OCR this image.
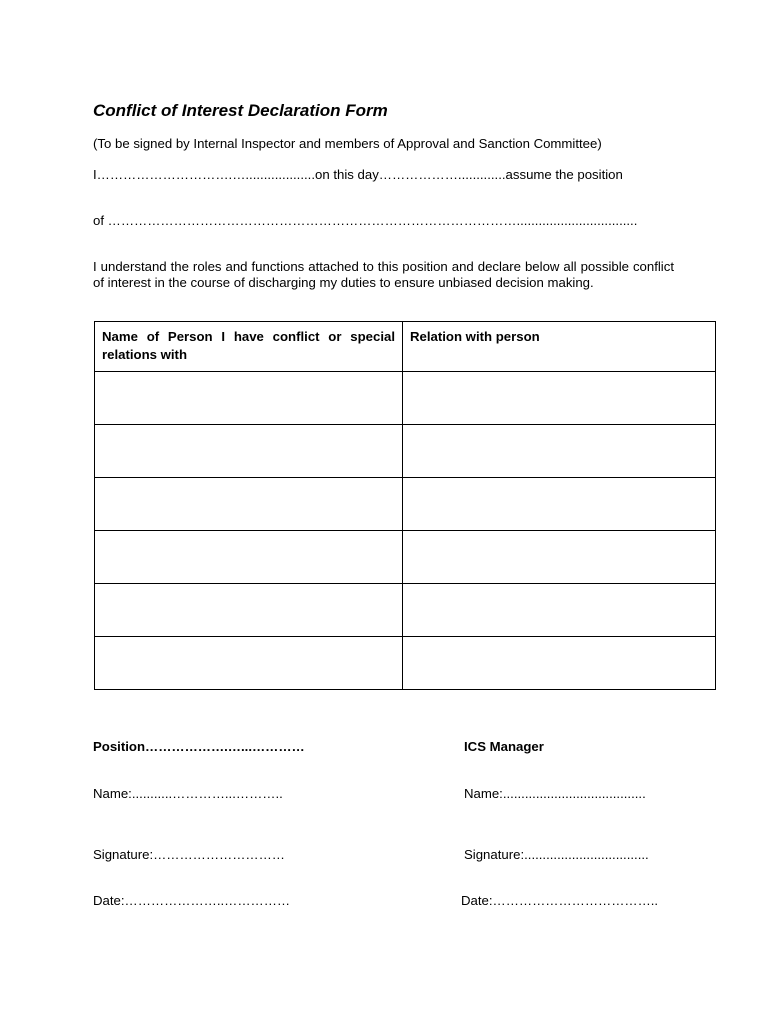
Conflict of Interest Declaration Form
(To be signed by Internal Inspector and members of Approval and Sanction Committee)
I………………………….…...................on this day……………….............assume the position
of ………………………………………………………………………………….................................
I understand the roles and functions attached to this position and declare below all possible conflict of interest in the course of discharging my duties to ensure unbiased decision making.
Name of Person I have conflict or special relations with	Relation with person

Position……………….…...…………	ICS Manager
Name:...........…………...………..	Name:.......................................
Signature:…………………………	Signature:..................................
Date:…………………..……………	Date:………………………………..
